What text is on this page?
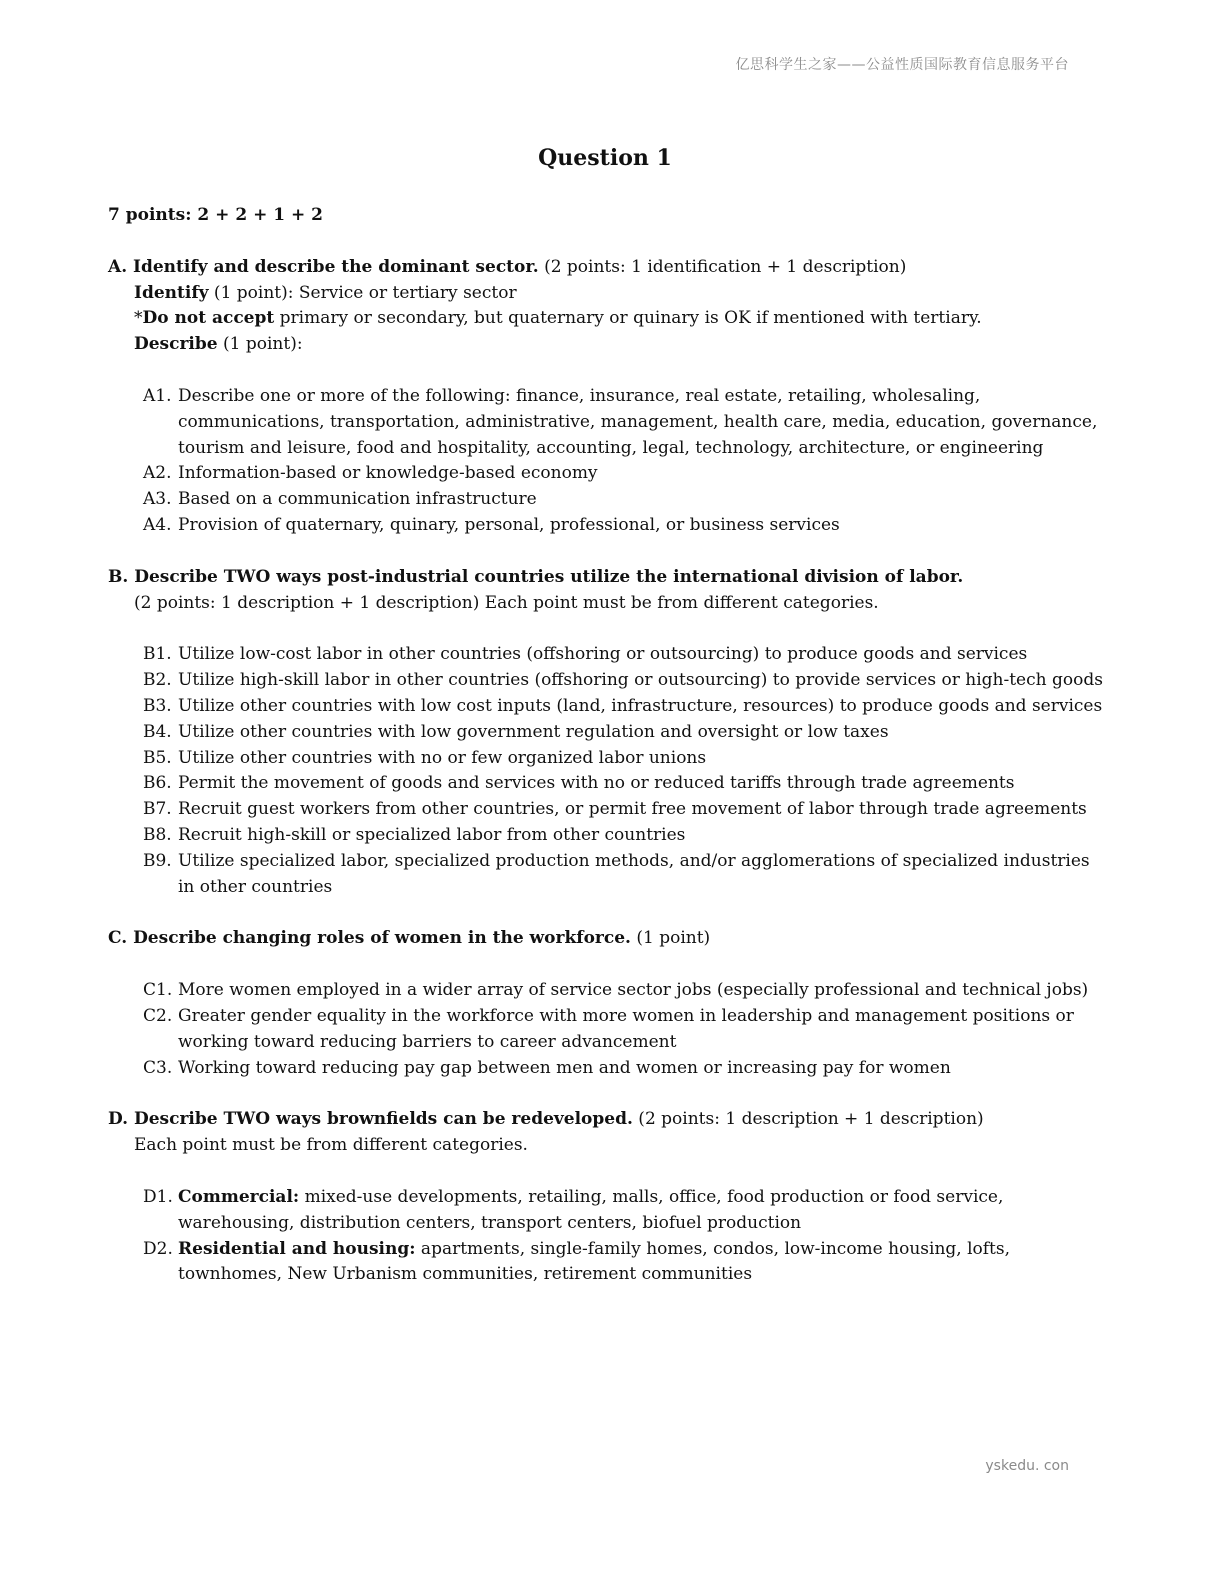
亿思科学生之家——公益性质国际教育信息服务平台
Question 1

7 points: 2 + 2 + 1 + 2

A. Identify and describe the dominant sector. (2 points: 1 identification + 1 description)

Identify (1 point): Service or tertiary sector

*Do not accept primary or secondary, but quaternary or quinary is OK if mentioned with tertiary.

Describe (1 point):

A1. Describe one or more of the following: finance, insurance, real estate, retailing, wholesaling, communications, transportation, administrative, management, health care, media, education, governance, tourism and leisure, food and hospitality, accounting, legal, technology, architecture, or engineering
A2. Information-based or knowledge-based economy
A3. Based on a communication infrastructure
A4. Provision of quaternary, quinary, personal, professional, or business services

B. Describe TWO ways post-industrial countries utilize the international division of labor.

(2 points: 1 description + 1 description) Each point must be from different categories.

B1. Utilize low-cost labor in other countries (offshoring or outsourcing) to produce goods and services
B2. Utilize high-skill labor in other countries (offshoring or outsourcing) to provide services or high-tech goods
B3. Utilize other countries with low cost inputs (land, infrastructure, resources) to produce goods and services
B4. Utilize other countries with low government regulation and oversight or low taxes
B5. Utilize other countries with no or few organized labor unions
B6. Permit the movement of goods and services with no or reduced tariffs through trade agreements
B7. Recruit guest workers from other countries, or permit free movement of labor through trade agreements
B8. Recruit high-skill or specialized labor from other countries
B9. Utilize specialized labor, specialized production methods, and/or agglomerations of specialized industries in other countries

C. Describe changing roles of women in the workforce. (1 point)

C1. More women employed in a wider array of service sector jobs (especially professional and technical jobs)
C2. Greater gender equality in the workforce with more women in leadership and management positions or working toward reducing barriers to career advancement
C3. Working toward reducing pay gap between men and women or increasing pay for women

D. Describe TWO ways brownfields can be redeveloped. (2 points: 1 description + 1 description)

Each point must be from different categories.

D1. Commercial: mixed-use developments, retailing, malls, office, food production or food service, warehousing, distribution centers, transport centers, biofuel production
D2. Residential and housing: apartments, single-family homes, condos, low-income housing, lofts, townhomes, New Urbanism communities, retirement communities
yskedu. con
